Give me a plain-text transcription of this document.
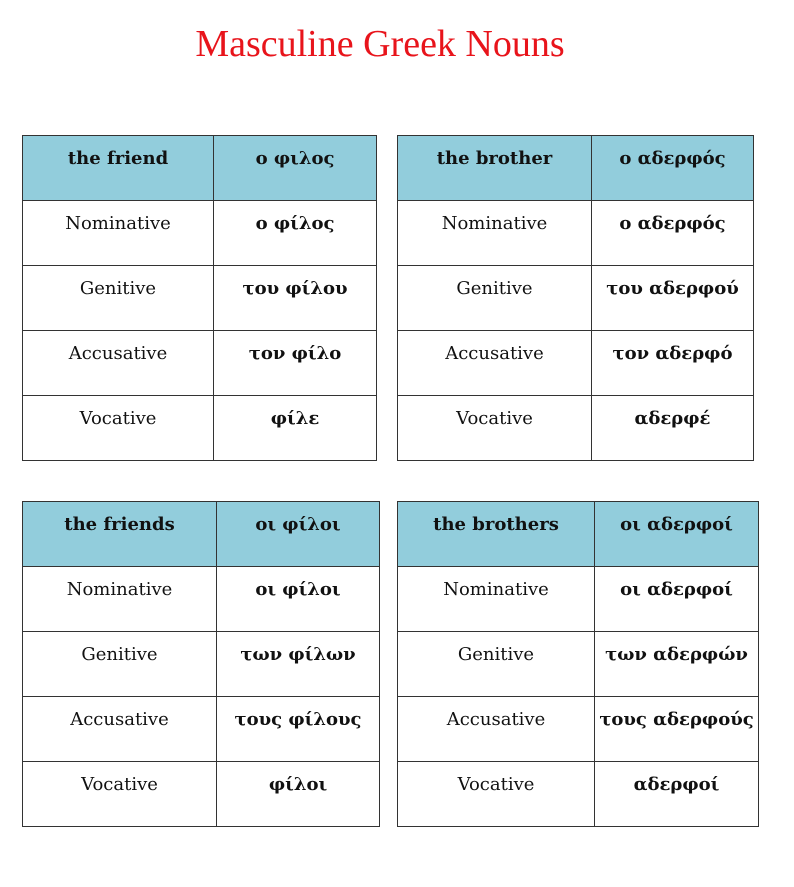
Masculine Greek Nouns
the friend	ο φιλος
Nominative	ο φίλος
Genitive	του φίλου
Accusative	τον φίλο
Vocative	φίλε
the brother	ο αδερφός
Nominative	ο αδερφός
Genitive	του αδερφού
Accusative	τον αδερφό
Vocative	αδερφέ
the friends	οι φίλοι
Nominative	οι φίλοι
Genitive	των φίλων
Accusative	τους φίλους
Vocative	φίλοι
the brothers	οι αδερφοί
Nominative	οι αδερφοί
Genitive	των αδερφών
Accusative	τους αδερφούς
Vocative	αδερφοί
